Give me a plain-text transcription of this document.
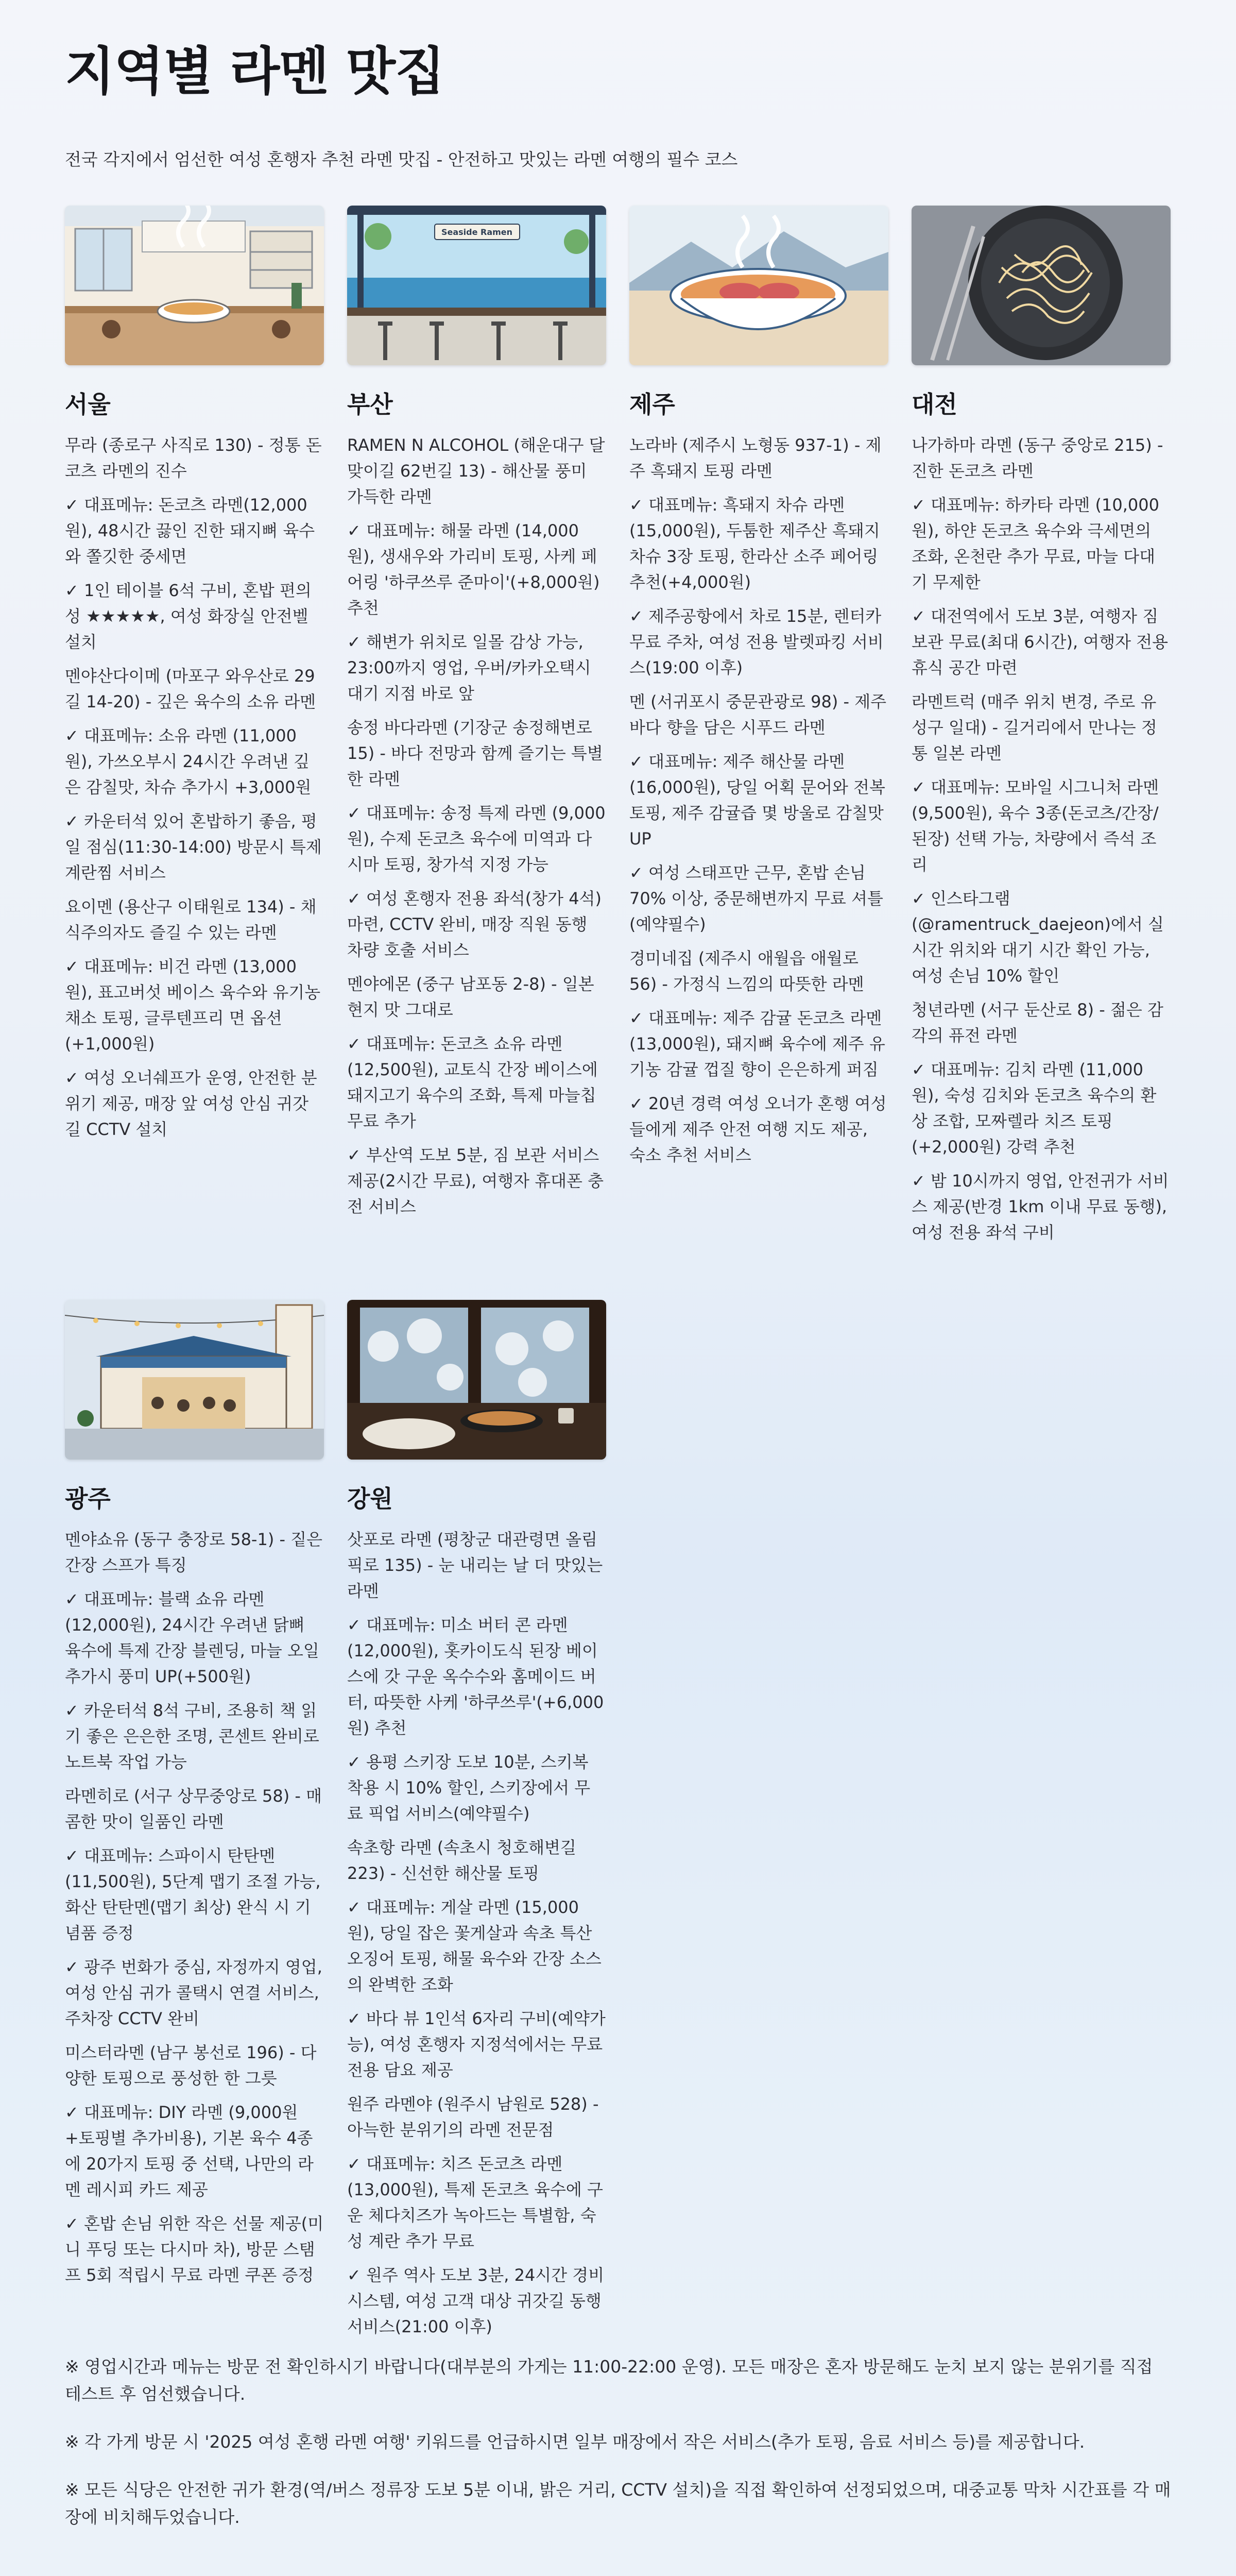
지역별 라멘 맛집
전국 각지에서 엄선한 여성 혼행자 추천 라멘 맛집 - 안전하고 맛있는 라멘 여행의 필수 코스
서울

무라 (종로구 사직로 130) - 정통 돈코츠 라멘의 진수

✓ 대표메뉴: 돈코츠 라멘(12,000원), 48시간 끓인 진한 돼지뼈 육수와 쫄깃한 중세면

✓ 1인 테이블 6석 구비, 혼밥 편의성 ★★★★★, 여성 화장실 안전벨 설치

멘야산다이메 (마포구 와우산로 29길 14-20) - 깊은 육수의 소유 라멘

✓ 대표메뉴: 소유 라멘 (11,000원), 가쓰오부시 24시간 우려낸 깊은 감칠맛, 차슈 추가시 +3,000원

✓ 카운터석 있어 혼밥하기 좋음, 평일 점심(11:30-14:00) 방문시 특제 계란찜 서비스

요이멘 (용산구 이태원로 134) - 채식주의자도 즐길 수 있는 라멘

✓ 대표메뉴: 비건 라멘 (13,000원), 표고버섯 베이스 육수와 유기농 채소 토핑, 글루텐프리 면 옵션(+1,000원)

✓ 여성 오너쉐프가 운영, 안전한 분위기 제공, 매장 앞 여성 안심 귀갓길 CCTV 설치

Seaside Ramen
부산

RAMEN N ALCOHOL (해운대구 달맞이길 62번길 13) - 해산물 풍미 가득한 라멘

✓ 대표메뉴: 해물 라멘 (14,000원), 생새우와 가리비 토핑, 사케 페어링 '하쿠쓰루 준마이'(+8,000원) 추천

✓ 해변가 위치로 일몰 감상 가능, 23:00까지 영업, 우버/카카오택시 대기 지점 바로 앞

송정 바다라멘 (기장군 송정해변로 15) - 바다 전망과 함께 즐기는 특별한 라멘

✓ 대표메뉴: 송정 특제 라멘 (9,000원), 수제 돈코츠 육수에 미역과 다시마 토핑, 창가석 지정 가능

✓ 여성 혼행자 전용 좌석(창가 4석) 마련, CCTV 완비, 매장 직원 동행 차량 호출 서비스

멘야에몬 (중구 남포동 2-8) - 일본 현지 맛 그대로

✓ 대표메뉴: 돈코츠 쇼유 라멘 (12,500원), 교토식 간장 베이스에 돼지고기 육수의 조화, 특제 마늘칩 무료 추가

✓ 부산역 도보 5분, 짐 보관 서비스 제공(2시간 무료), 여행자 휴대폰 충전 서비스

제주

노라바 (제주시 노형동 937-1) - 제주 흑돼지 토핑 라멘

✓ 대표메뉴: 흑돼지 차슈 라멘 (15,000원), 두툼한 제주산 흑돼지 차슈 3장 토핑, 한라산 소주 페어링 추천(+4,000원)

✓ 제주공항에서 차로 15분, 렌터카 무료 주차, 여성 전용 발렛파킹 서비스(19:00 이후)

멘 (서귀포시 중문관광로 98) - 제주 바다 향을 담은 시푸드 라멘

✓ 대표메뉴: 제주 해산물 라멘 (16,000원), 당일 어획 문어와 전복 토핑, 제주 감귤즙 몇 방울로 감칠맛 UP

✓ 여성 스태프만 근무, 혼밥 손님 70% 이상, 중문해변까지 무료 셔틀(예약필수)

경미네집 (제주시 애월읍 애월로 56) - 가정식 느낌의 따뜻한 라멘

✓ 대표메뉴: 제주 감귤 돈코츠 라멘 (13,000원), 돼지뼈 육수에 제주 유기농 감귤 껍질 향이 은은하게 퍼짐

✓ 20년 경력 여성 오너가 혼행 여성들에게 제주 안전 여행 지도 제공, 숙소 추천 서비스

대전

나가하마 라멘 (동구 중앙로 215) - 진한 돈코츠 라멘

✓ 대표메뉴: 하카타 라멘 (10,000원), 하얀 돈코츠 육수와 극세면의 조화, 온천란 추가 무료, 마늘 다대기 무제한

✓ 대전역에서 도보 3분, 여행자 짐 보관 무료(최대 6시간), 여행자 전용 휴식 공간 마련

라멘트럭 (매주 위치 변경, 주로 유성구 일대) - 길거리에서 만나는 정통 일본 라멘

✓ 대표메뉴: 모바일 시그니처 라멘 (9,500원), 육수 3종(돈코츠/간장/된장) 선택 가능, 차량에서 즉석 조리

✓ 인스타그램(@ramentruck_daejeon)에서 실시간 위치와 대기 시간 확인 가능, 여성 손님 10% 할인

청년라멘 (서구 둔산로 8) - 젊은 감각의 퓨전 라멘

✓ 대표메뉴: 김치 라멘 (11,000원), 숙성 김치와 돈코츠 육수의 환상 조합, 모짜렐라 치즈 토핑(+2,000원) 강력 추천

✓ 밤 10시까지 영업, 안전귀가 서비스 제공(반경 1km 이내 무료 동행), 여성 전용 좌석 구비

광주

멘야쇼유 (동구 충장로 58-1) - 짙은 간장 스프가 특징

✓ 대표메뉴: 블랙 쇼유 라멘 (12,000원), 24시간 우려낸 닭뼈 육수에 특제 간장 블렌딩, 마늘 오일 추가시 풍미 UP(+500원)

✓ 카운터석 8석 구비, 조용히 책 읽기 좋은 은은한 조명, 콘센트 완비로 노트북 작업 가능

라멘히로 (서구 상무중앙로 58) - 매콤한 맛이 일품인 라멘

✓ 대표메뉴: 스파이시 탄탄멘 (11,500원), 5단계 맵기 조절 가능, 화산 탄탄멘(맵기 최상) 완식 시 기념품 증정

✓ 광주 번화가 중심, 자정까지 영업, 여성 안심 귀가 콜택시 연결 서비스, 주차장 CCTV 완비

미스터라멘 (남구 봉선로 196) - 다양한 토핑으로 풍성한 한 그릇

✓ 대표메뉴: DIY 라멘 (9,000원+토핑별 추가비용), 기본 육수 4종에 20가지 토핑 중 선택, 나만의 라멘 레시피 카드 제공

✓ 혼밥 손님 위한 작은 선물 제공(미니 푸딩 또는 다시마 차), 방문 스탬프 5회 적립시 무료 라멘 쿠폰 증정

강원

삿포로 라멘 (평창군 대관령면 올림픽로 135) - 눈 내리는 날 더 맛있는 라멘

✓ 대표메뉴: 미소 버터 콘 라멘 (12,000원), 홋카이도식 된장 베이스에 갓 구운 옥수수와 홈메이드 버터, 따뜻한 사케 '하쿠쓰루'(+6,000원) 추천

✓ 용평 스키장 도보 10분, 스키복 착용 시 10% 할인, 스키장에서 무료 픽업 서비스(예약필수)

속초항 라멘 (속초시 청호해변길 223) - 신선한 해산물 토핑

✓ 대표메뉴: 게살 라멘 (15,000원), 당일 잡은 꽃게살과 속초 특산 오징어 토핑, 해물 육수와 간장 소스의 완벽한 조화

✓ 바다 뷰 1인석 6자리 구비(예약가능), 여성 혼행자 지정석에서는 무료 전용 담요 제공

원주 라멘야 (원주시 남원로 528) - 아늑한 분위기의 라멘 전문점

✓ 대표메뉴: 치즈 돈코츠 라멘 (13,000원), 특제 돈코츠 육수에 구운 체다치즈가 녹아드는 특별함, 숙성 계란 추가 무료

✓ 원주 역사 도보 3분, 24시간 경비 시스템, 여성 고객 대상 귀갓길 동행 서비스(21:00 이후)

※ 영업시간과 메뉴는 방문 전 확인하시기 바랍니다(대부분의 가게는 11:00-22:00 운영). 모든 매장은 혼자 방문해도 눈치 보지 않는 분위기를 직접 테스트 후 엄선했습니다.

※ 각 가게 방문 시 '2025 여성 혼행 라멘 여행' 키워드를 언급하시면 일부 매장에서 작은 서비스(추가 토핑, 음료 서비스 등)를 제공합니다.

※ 모든 식당은 안전한 귀가 환경(역/버스 정류장 도보 5분 이내, 밝은 거리, CCTV 설치)을 직접 확인하여 선정되었으며, 대중교통 막차 시간표를 각 매장에 비치해두었습니다.
